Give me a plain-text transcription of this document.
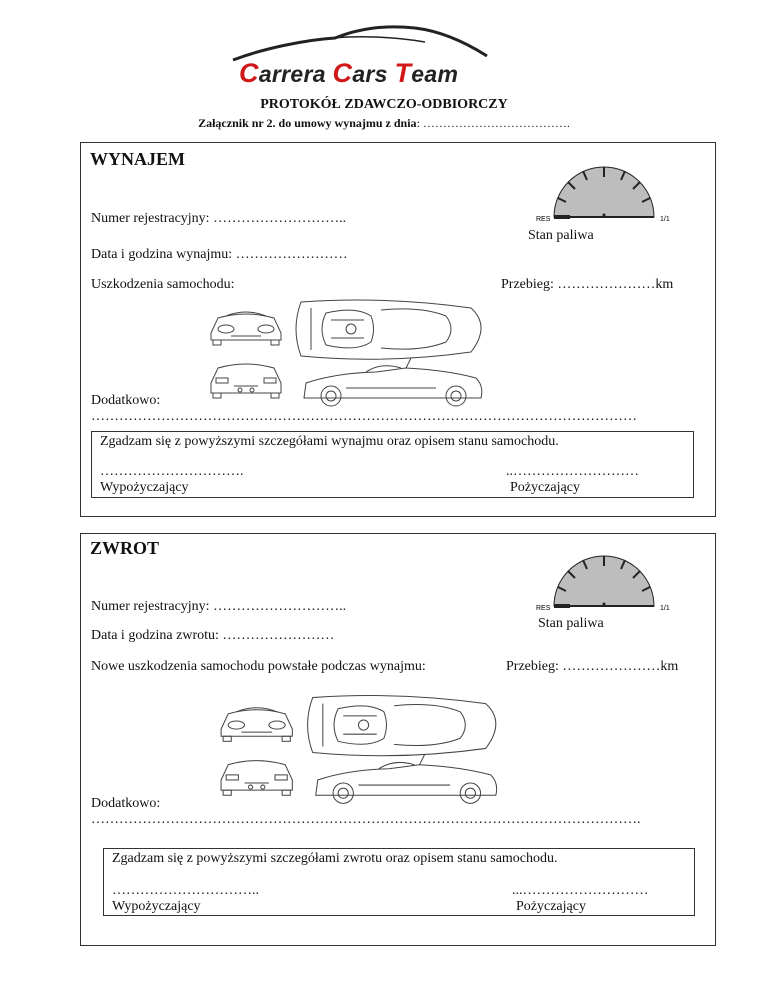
Carrera Cars Team
PROTOKÓŁ ZDAWCZO-ODBIORCZY
Załącznik nr 2. do umowy wynajmu z dnia: ……………………………….
WYNAJEM
RES	1/1
Numer rejestracyjny: ………………………..
Stan paliwa
Data i godzina wynajmu: ……………………
Uszkodzenia samochodu:	Przebieg: …………………km
Dodatkowo:
………………………………………………………………………………………………………
Zgadzam się z powyższymi szczegółami wynajmu oraz opisem stanu samochodu.
………………………….
Wypożyczający
..………………………
Pożyczający
ZWROT
RES	1/1
Numer rejestracyjny: ………………………..
Stan paliwa
Data i godzina zwrotu: ……………………
Nowe uszkodzenia samochodu powstałe podczas wynajmu:	Przebieg: …………………km
Dodatkowo:
……………………………………………………………………………………………………….
Zgadzam się z powyższymi szczegółami zwrotu oraz opisem stanu samochodu.
…………………………..
Wypożyczający
...………………………
Pożyczający
